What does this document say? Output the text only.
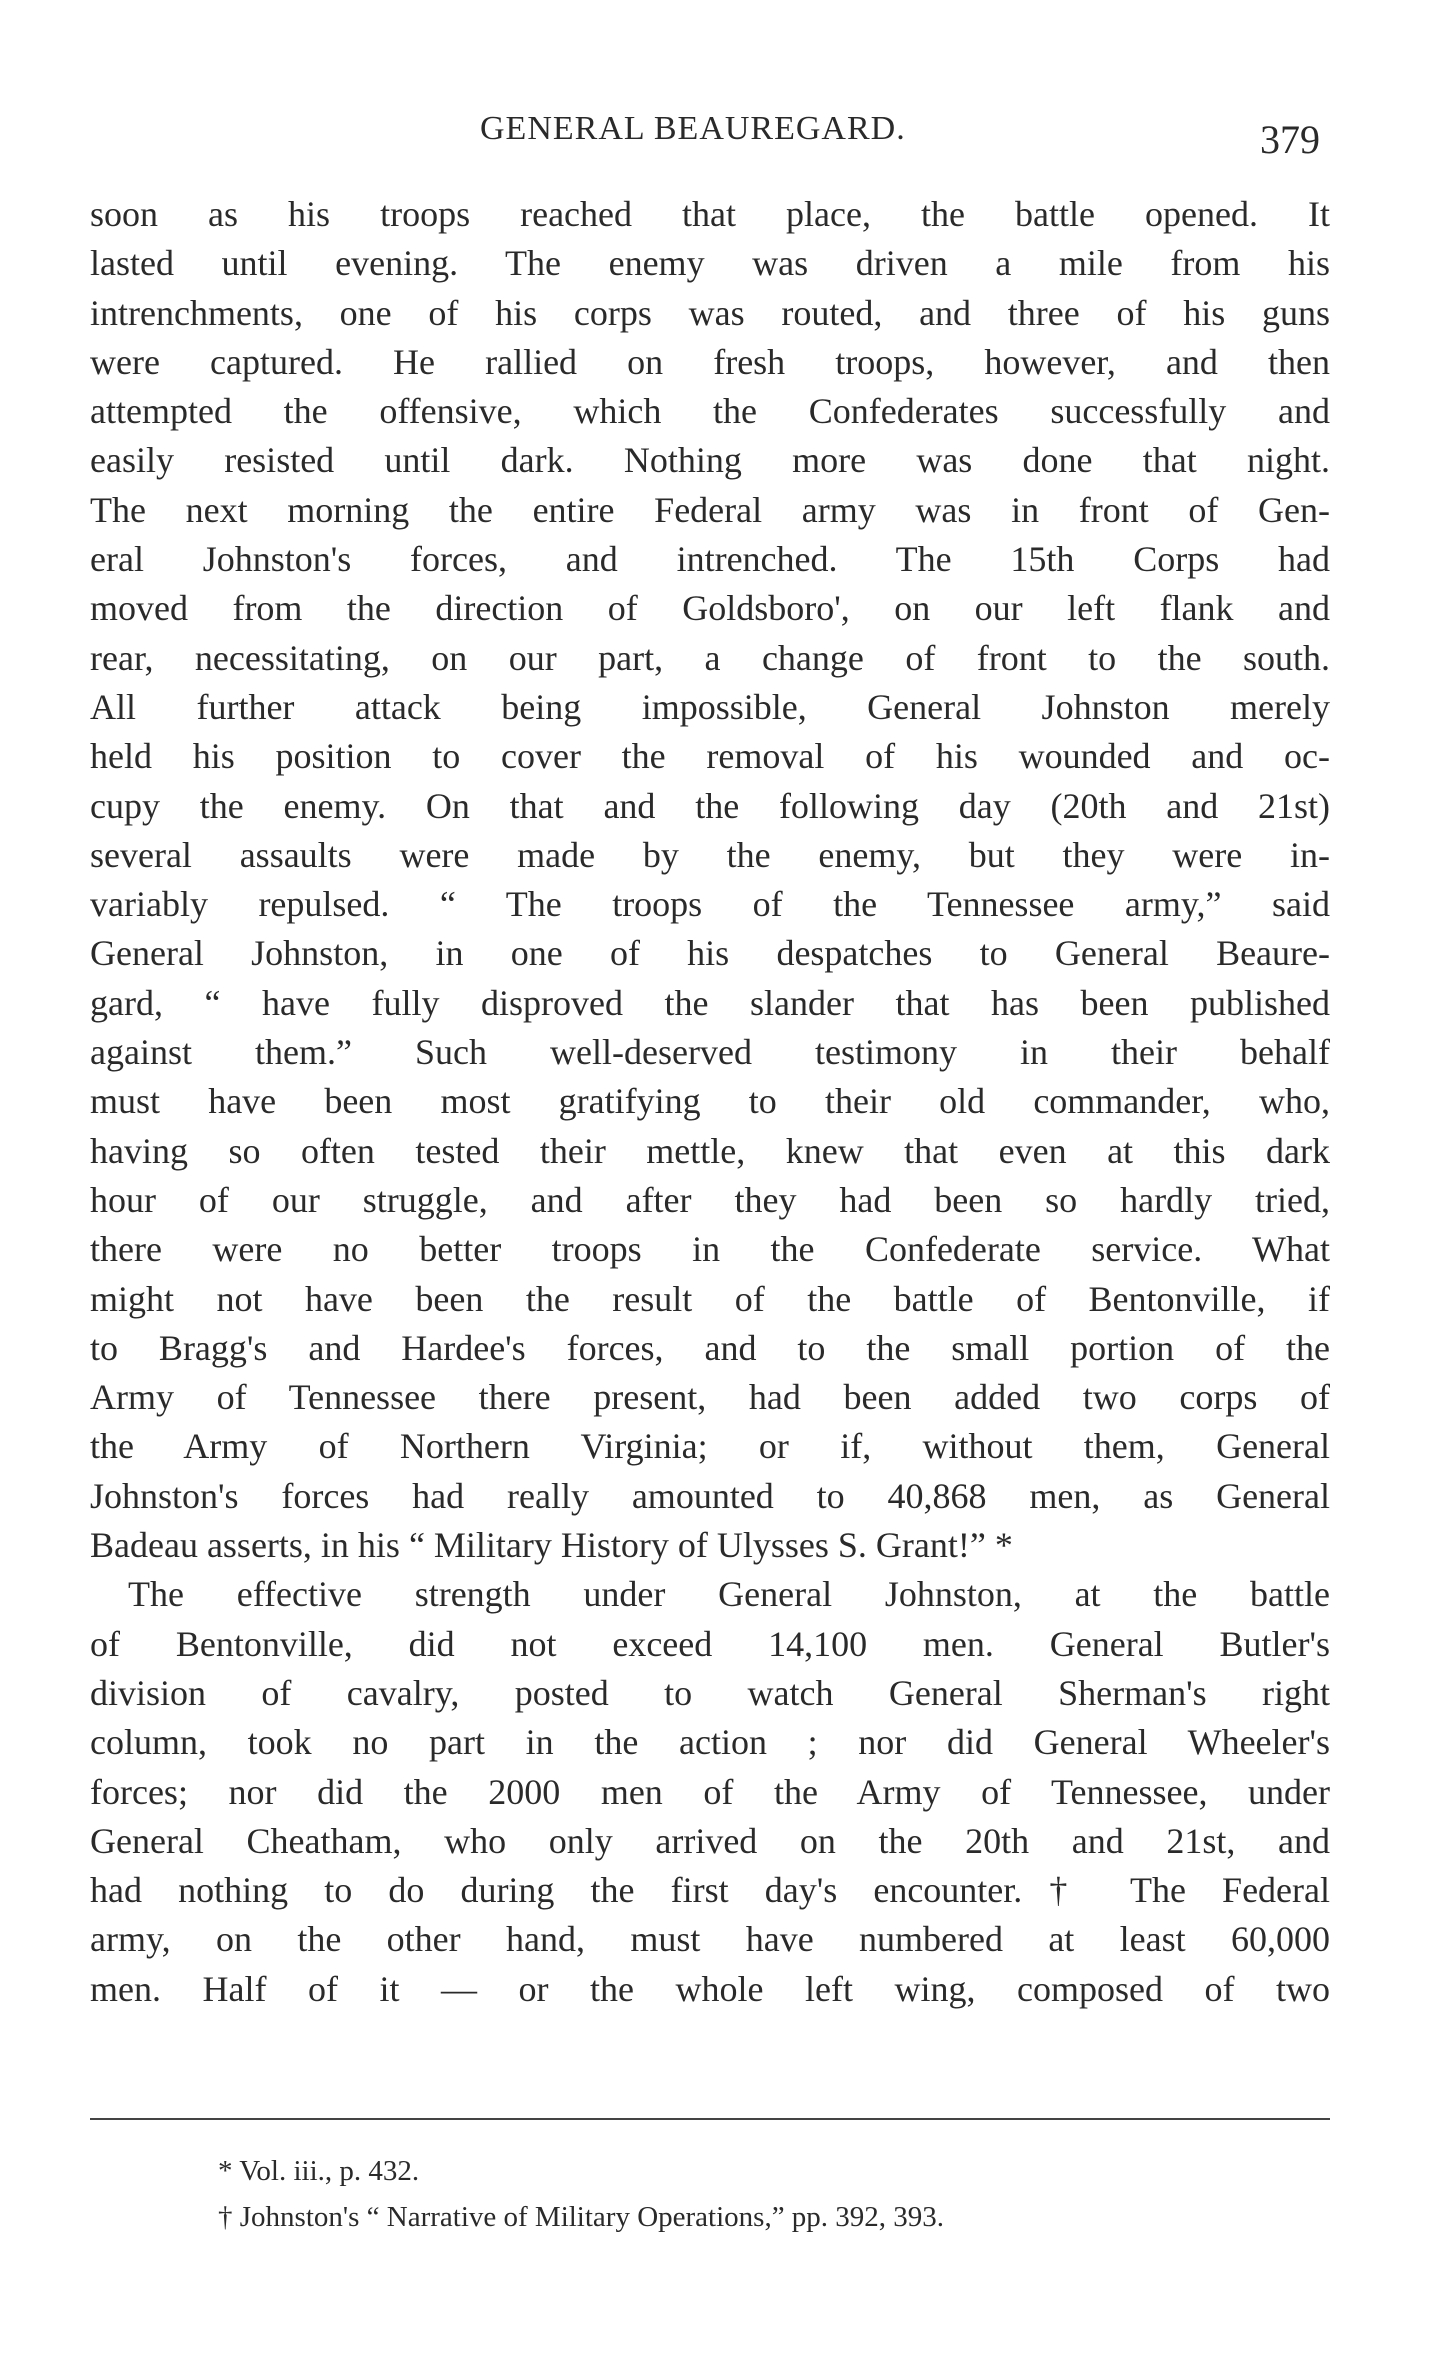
GENERAL BEAUREGARD.	379
soon as his troops reached that place, the battle opened. It
lasted until evening. The enemy was driven a mile from his
intrenchments, one of his corps was routed, and three of his guns
were captured. He rallied on fresh troops, however, and then
attempted the offensive, which the Confederates successfully and
easily resisted until dark. Nothing more was done that night.
The next morning the entire Federal army was in front of Gen-
eral Johnston's forces, and intrenched. The 15th Corps had
moved from the direction of Goldsboro', on our left flank and
rear, necessitating, on our part, a change of front to the south.
All further attack being impossible, General Johnston merely
held his position to cover the removal of his wounded and oc-
cupy the enemy. On that and the following day (20th and 21st)
several assaults were made by the enemy, but they were in-
variably repulsed. “ The troops of the Tennessee army,” said
General Johnston, in one of his despatches to General Beaure-
gard, “ have fully disproved the slander that has been published
against them.” Such well-deserved testimony in their behalf
must have been most gratifying to their old commander, who,
having so often tested their mettle, knew that even at this dark
hour of our struggle, and after they had been so hardly tried,
there were no better troops in the Confederate service. What
might not have been the result of the battle of Bentonville, if
to Bragg's and Hardee's forces, and to the small portion of the
Army of Tennessee there present, had been added two corps of
the Army of Northern Virginia; or if, without them, General
Johnston's forces had really amounted to 40,868 men, as General
Badeau asserts, in his “ Military History of Ulysses S. Grant!” *
The effective strength under General Johnston, at the battle
of Bentonville, did not exceed 14,100 men. General Butler's
division of cavalry, posted to watch General Sherman's right
column, took no part in the action ; nor did General Wheeler's
forces; nor did the 2000 men of the Army of Tennessee, under
General Cheatham, who only arrived on the 20th and 21st, and
had nothing to do during the first day's encounter.† The Federal
army, on the other hand, must have numbered at least 60,000
men. Half of it — or the whole left wing, composed of two
* Vol. iii., p. 432.
† Johnston's “ Narrative of Military Operations,” pp. 392, 393.
